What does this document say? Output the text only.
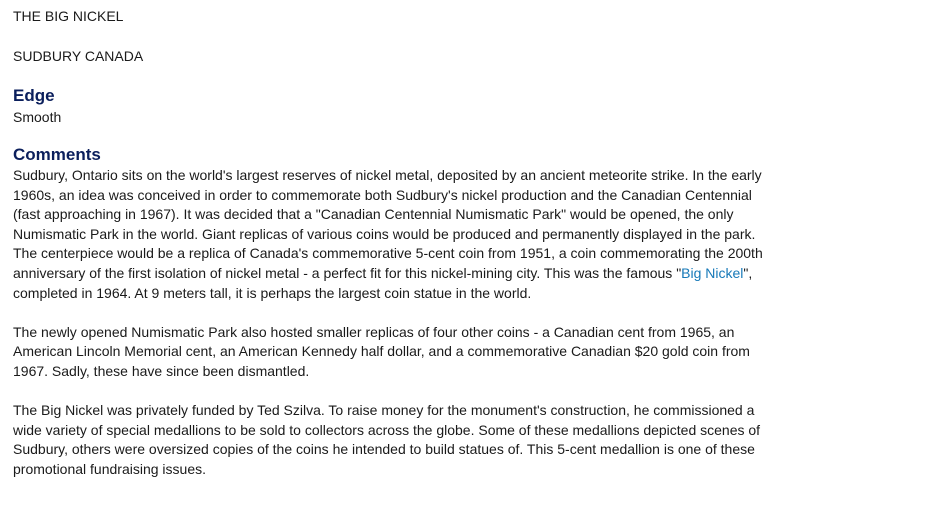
THE BIG NICKEL

SUDBURY CANADA

Edge

Smooth

Comments

Sudbury, Ontario sits on the world's largest reserves of nickel metal, deposited by an ancient meteorite strike. In the early 1960s, an idea was conceived in order to commemorate both Sudbury's nickel production and the Canadian Centennial (fast approaching in 1967). It was decided that a "Canadian Centennial Numismatic Park" would be opened, the only Numismatic Park in the world. Giant replicas of various coins would be produced and permanently displayed in the park. The centerpiece would be a replica of Canada's commemorative 5-cent coin from 1951, a coin commemorating the 200th anniversary of the first isolation of nickel metal - a perfect fit for this nickel-mining city. This was the famous "Big Nickel", completed in 1964. At 9 meters tall, it is perhaps the largest coin statue in the world.

The newly opened Numismatic Park also hosted smaller replicas of four other coins - a Canadian cent from 1965, an American Lincoln Memorial cent, an American Kennedy half dollar, and a commemorative Canadian $20 gold coin from 1967. Sadly, these have since been dismantled.

The Big Nickel was privately funded by Ted Szilva. To raise money for the monument's construction, he commissioned a wide variety of special medallions to be sold to collectors across the globe. Some of these medallions depicted scenes of Sudbury, others were oversized copies of the coins he intended to build statues of. This 5-cent medallion is one of these promotional fundraising issues.
